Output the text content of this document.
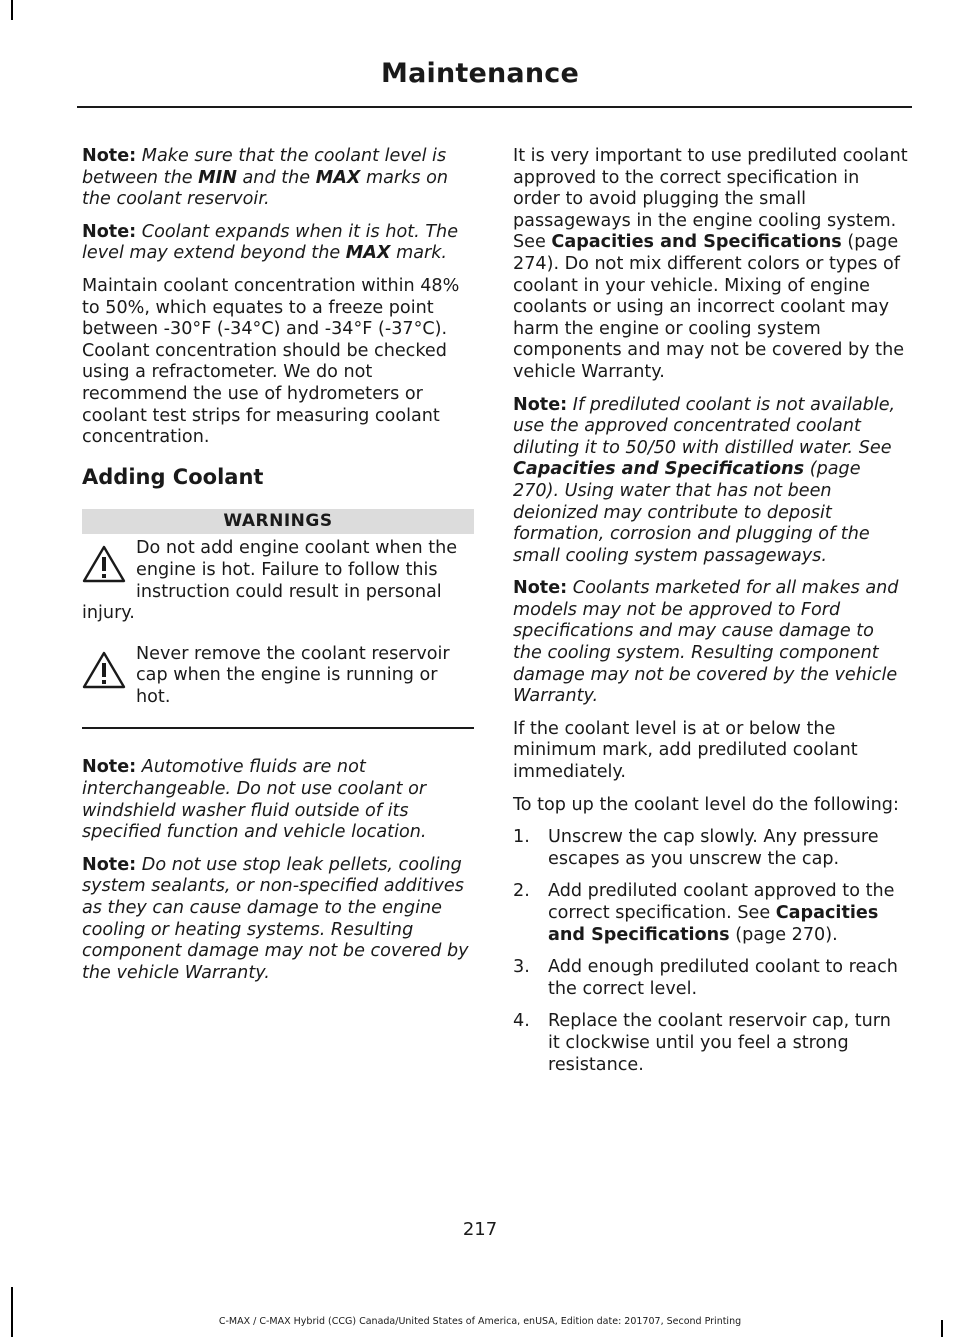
Maintenance

Note: Make sure that the coolant level is between the MIN and the MAX marks on the coolant reservoir.

Note: Coolant expands when it is hot. The level may extend beyond the MAX mark.

Maintain coolant concentration within 48% to 50%, which equates to a freeze point between -30°F (-34°C) and -34°F (-37°C). Coolant concentration should be checked using a refractometer. We do not recommend the use of hydrometers or coolant test strips for measuring coolant concentration.

Adding Coolant
WARNINGS
Do not add engine coolant when the engine is hot. Failure to follow this instruction could result in personal
injury.
Never remove the coolant reservoir cap when the engine is running or hot.

Note: Automotive fluids are not interchangeable. Do not use coolant or windshield washer fluid outside of its specified function and vehicle location.

Note: Do not use stop leak pellets, cooling system sealants, or non-specified additives as they can cause damage to the engine cooling or heating systems. Resulting component damage may not be covered by the vehicle Warranty.

It is very important to use prediluted coolant approved to the correct specification in order to avoid plugging the small passageways in the engine cooling system. See Capacities and Specifications (page 274). Do not mix different colors or types of coolant in your vehicle. Mixing of engine coolants or using an incorrect coolant may harm the engine or cooling system components and may not be covered by the vehicle Warranty.

Note: If prediluted coolant is not available, use the approved concentrated coolant diluting it to 50/50 with distilled water. See Capacities and Specifications (page 270). Using water that has not been deionized may contribute to deposit formation, corrosion and plugging of the small cooling system passageways.

Note: Coolants marketed for all makes and models may not be approved to Ford specifications and may cause damage to the cooling system. Resulting component damage may not be covered by the vehicle Warranty.

If the coolant level is at or below the minimum mark, add prediluted coolant immediately.

To top up the coolant level do the following:

1. Unscrew the cap slowly. Any pressure escapes as you unscrew the cap.
2. Add prediluted coolant approved to the correct specification. See Capacities and Specifications (page 270).
3. Add enough prediluted coolant to reach the correct level.
4. Replace the coolant reservoir cap, turn it clockwise until you feel a strong resistance.
217
C-MAX / C-MAX Hybrid (CCG) Canada/United States of America, enUSA, Edition date: 201707, Second Printing
